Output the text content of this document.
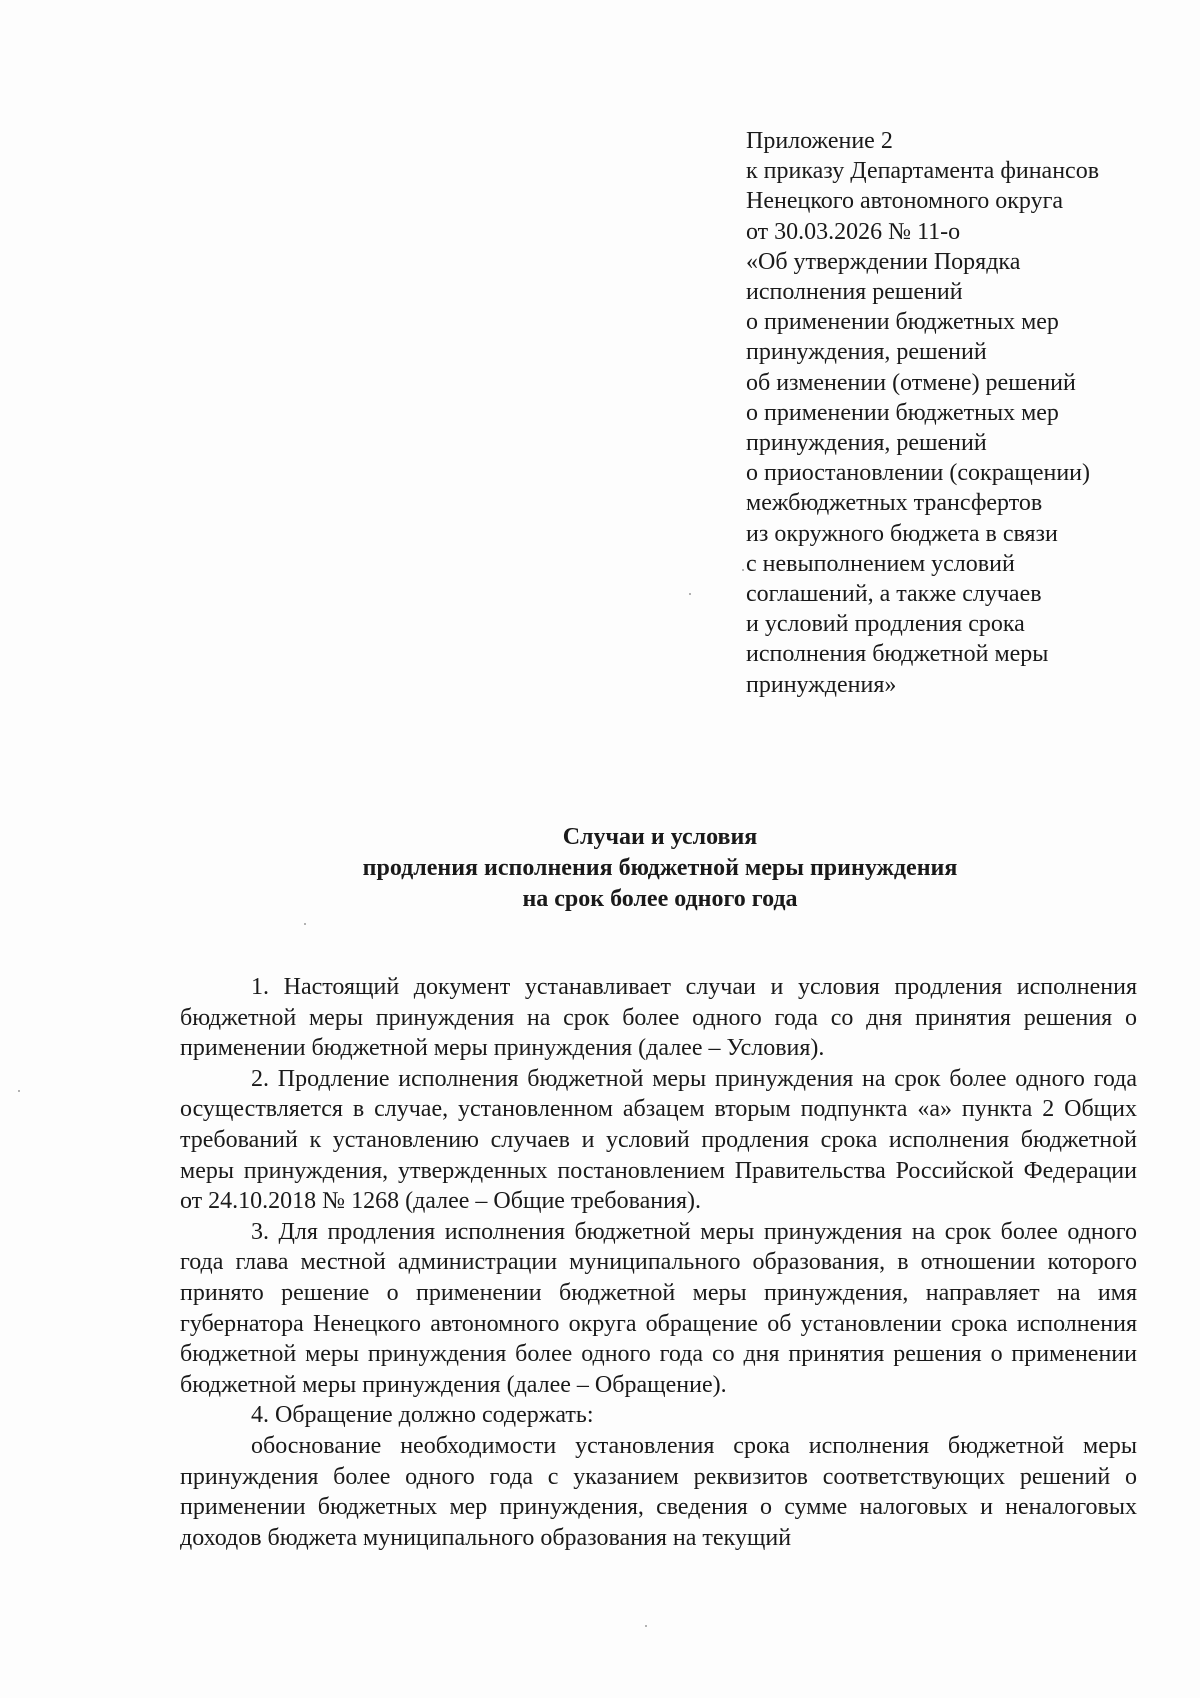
Приложение 2
к приказу Департамента финансов
Ненецкого автономного округа
от 30.03.2026 № 11-о
«Об утверждении Порядка
исполнения решений
о применении бюджетных мер
принуждения, решений
об изменении (отмене) решений
о применении бюджетных мер
принуждения, решений
о приостановлении (сокращении)
межбюджетных трансфертов
из окружного бюджета в связи
с невыполнением условий
соглашений, а также случаев
и условий продления срока
исполнения бюджетной меры
принуждения»
Случаи и условия
продления исполнения бюджетной меры принуждения
на срок более одного года

1. Настоящий документ устанавливает случаи и условия продления исполнения бюджетной меры принуждения на срок более одного года со дня принятия решения о применении бюджетной меры принуждения (далее – Условия).

2. Продление исполнения бюджетной меры принуждения на срок более одного года осуществляется в случае, установленном абзацем вторым подпункта «а» пункта 2 Общих требований к установлению случаев и условий продления срока исполнения бюджетной меры принуждения, утвержденных постановлением Правительства Российской Федерации от 24.10.2018 № 1268 (далее – Общие требования).

3. Для продления исполнения бюджетной меры принуждения на срок более одного года глава местной администрации муниципального образования, в отношении которого принято решение о применении бюджетной меры принуждения, направляет на имя губернатора Ненецкого автономного округа обращение об установлении срока исполнения бюджетной меры принуждения более одного года со дня принятия решения о применении бюджетной меры принуждения (далее – Обращение).

4. Обращение должно содержать:

обоснование необходимости установления срока исполнения бюджетной меры принуждения более одного года с указанием реквизитов соответствующих решений о применении бюджетных мер принуждения, сведения о сумме налоговых и неналоговых доходов бюджета муниципального образования на текущий
